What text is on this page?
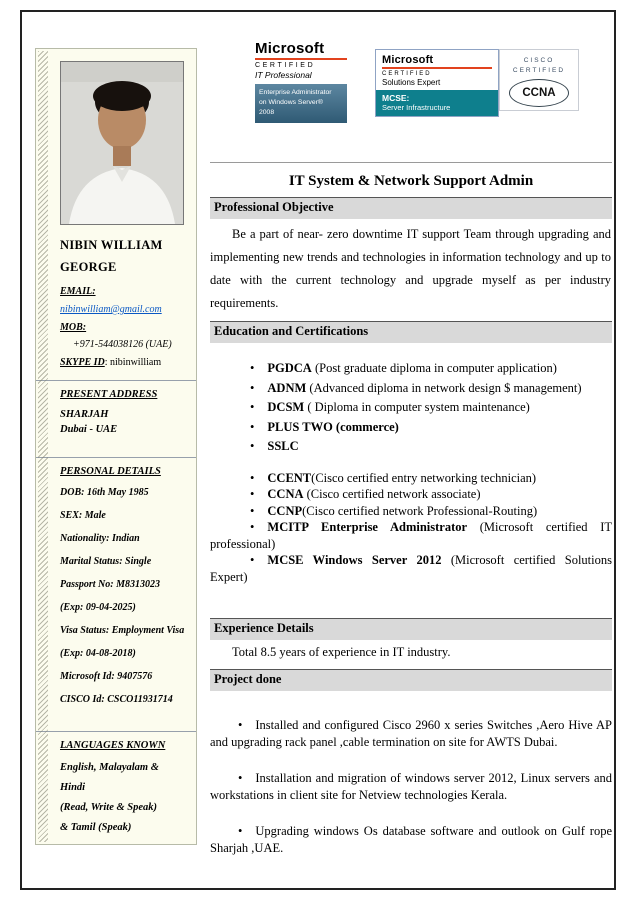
NIBIN WILLIAM
GEORGE
EMAIL:
nibinwilliam@gmail.com
MOB:
+971-544038126 (UAE)
SKYPE ID: nibinwilliam
PRESENT ADDRESS
SHARJAH
Dubai - UAE
PERSONAL DETAILS
DOB: 16th May 1985
SEX: Male
Nationality: Indian
Marital Status: Single
Passport No: M8313023
(Exp: 09-04-2025)
Visa Status: Employment Visa
(Exp: 04-08-2018)
Microsoft Id: 9407576
CISCO Id: CSCO11931714
LANGUAGES KNOWN
English, Malayalam &
Hindi
(Read, Write & Speak)
& Tamil (Speak)
Microsoft
CERTIFIED
IT Professional
Enterprise Administrator
on Windows Server®
2008
Microsoft
CERTIFIED
Solutions Expert
MCSE:
Server Infrastructure
CISCO
CERTIFIED
CCNA
IT System & Network Support Admin
Professional Objective

Be a part of near- zero downtime IT support Team through upgrading and implementing new trends and technologies in information technology and up to date with the current technology and upgrade myself as per industry requirements.

Education and Certifications

• PGDCA (Post graduate diploma in computer application)

• ADNM (Advanced diploma in network design $ management)

• DCSM ( Diploma in computer system maintenance)

• PLUS TWO (commerce)

• SSLC

• CCENT(Cisco certified entry networking technician)

• CCNA (Cisco certified network associate)

• CCNP(Cisco certified network Professional-Routing)

• MCITP Enterprise Administrator (Microsoft certified IT professional)

• MCSE Windows Server 2012 (Microsoft certified Solutions Expert)

Experience Details

Total 8.5 years of experience in IT industry.

Project done

• Installed and configured Cisco 2960 x series Switches ,Aero Hive AP and upgrading rack panel ,cable termination on site for AWTS Dubai.

• Installation and migration of windows server 2012, Linux servers and workstations in client site for Netview technologies Kerala.

• Upgrading windows Os database software and outlook on Gulf rope Sharjah ,UAE.
